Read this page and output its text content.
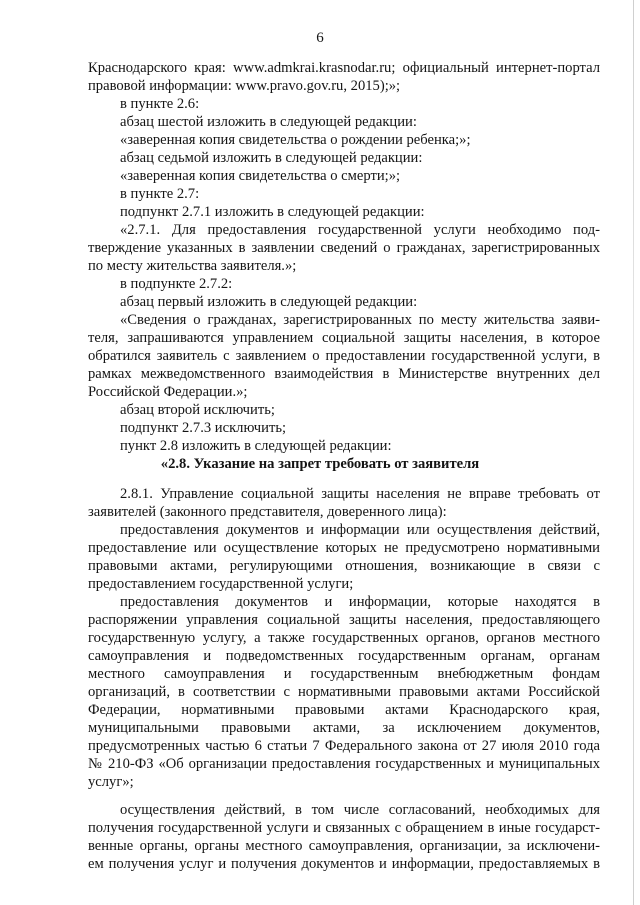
6
Краснодарского края: www.admkrai.krasnodar.ru; официальный интернет-портал
правовой информации: www.pravo.gov.ru, 2015);»;
в пункте 2.6:
абзац шестой изложить в следующей редакции:
«заверенная копия свидетельства о рождении ребенка;»;
абзац седьмой изложить в следующей редакции:
«заверенная копия свидетельства о смерти;»;
в пункте 2.7:
подпункт 2.7.1 изложить в следующей редакции:
«2.7.1. Для предоставления государственной услуги необходимо под-
тверждение указанных в заявлении сведений о гражданах, зарегистрированных
по месту жительства заявителя.»;
в подпункте 2.7.2:
абзац первый изложить в следующей редакции:
«Сведения о гражданах, зарегистрированных по месту жительства заяви-
теля, запрашиваются управлением социальной защиты населения, в которое
обратился заявитель с заявлением о предоставлении государственной услуги, в
рамках межведомственного взаимодействия в Министерстве внутренних дел
Российской Федерации.»;
абзац второй исключить;
подпункт 2.7.3 исключить;
пункт 2.8 изложить в следующей редакции:
«2.8. Указание на запрет требовать от заявителя
2.8.1. Управление социальной защиты населения не вправе требовать от
заявителей (законного представителя, доверенного лица):
предоставления документов и информации или осуществления действий,
предоставление или осуществление которых не предусмотрено нормативными
правовыми актами, регулирующими отношения, возникающие в связи с
предоставлением государственной услуги;
предоставления документов и информации, которые находятся в
распоряжении управления социальной защиты населения, предоставляющего
государственную услугу, а также государственных органов, органов местного
самоуправления и подведомственных государственным органам, органам
местного самоуправления и государственным внебюджетным фондам
организаций, в соответствии с нормативными правовыми актами Российской
Федерации, нормативными правовыми актами Краснодарского края,
муниципальными правовыми актами, за исключением документов,
предусмотренных частью 6 статьи 7 Федерального закона от 27 июля 2010 года
№ 210-ФЗ «Об организации предоставления государственных и муниципальных
услуг»;
осуществления действий, в том числе согласований, необходимых для
получения государственной услуги и связанных с обращением в иные государст-
венные органы, органы местного самоуправления, организации, за исключени-
ем получения услуг и получения документов и информации, предоставляемых в
